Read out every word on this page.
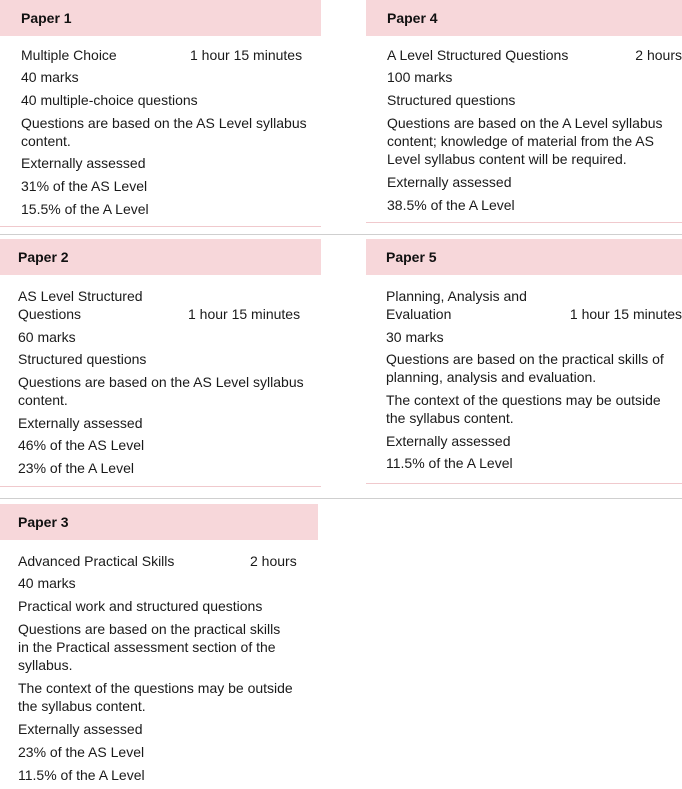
Paper 1
Multiple Choice	1 hour 15 minutes
40 marks
40 multiple-choice questions
Questions are based on the AS Level syllabus
content.
Externally assessed
31% of the AS Level
15.5% of the A Level
Paper 4
A Level Structured Questions	2 hours
100 marks
Structured questions
Questions are based on the A Level syllabus
content; knowledge of material from the AS
Level syllabus content will be required.
Externally assessed
38.5% of the A Level
Paper 2
AS Level Structured
Questions	1 hour 15 minutes
60 marks
Structured questions
Questions are based on the AS Level syllabus
content.
Externally assessed
46% of the AS Level
23% of the A Level
Paper 5
Planning, Analysis and
Evaluation	1 hour 15 minutes
30 marks
Questions are based on the practical skills of
planning, analysis and evaluation.
The context of the questions may be outside
the syllabus content.
Externally assessed
11.5% of the A Level
Paper 3
Advanced Practical Skills	2 hours
40 marks
Practical work and structured questions
Questions are based on the practical skills
in the Practical assessment section of the
syllabus.
The context of the questions may be outside
the syllabus content.
Externally assessed
23% of the AS Level
11.5% of the A Level
